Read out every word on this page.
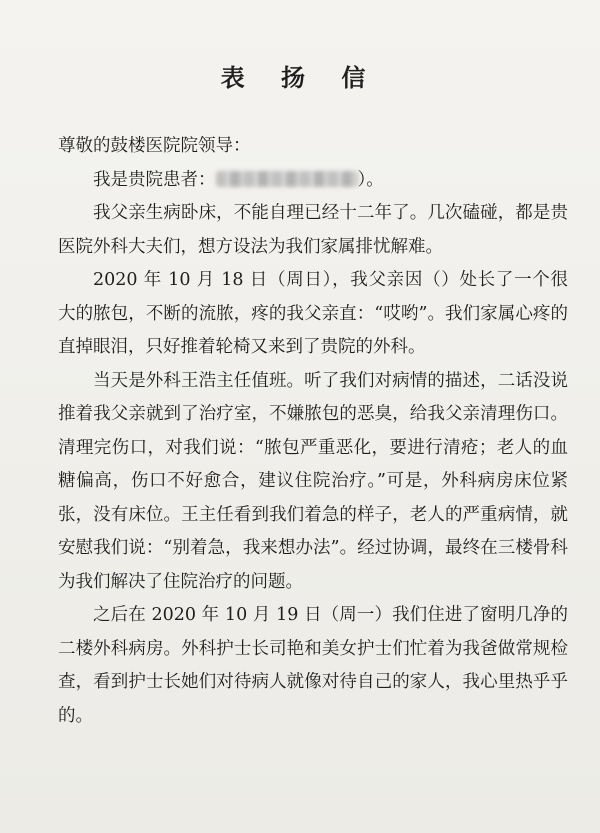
表 扬 信

尊敬的鼓楼医院院领导：

我是贵院患者：	）。

我父亲生病卧床，不能自理已经十二年了。几次磕碰，都是贵医院外科大夫们，想方设法为我们家属排忧解难。

2020 年 10 月 18 日（周日），我父亲因（）处长了一个很大的脓包，不断的流脓，疼的我父亲直：“哎哟”。我们家属心疼的直掉眼泪，只好推着轮椅又来到了贵院的外科。

当天是外科王浩主任值班。听了我们对病情的描述，二话没说推着我父亲就到了治疗室，不嫌脓包的恶臭，给我父亲清理伤口。清理完伤口，对我们说：“脓包严重恶化，要进行清疮；老人的血糖偏高，伤口不好愈合，建议住院治疗。”可是，外科病房床位紧张，没有床位。王主任看到我们着急的样子，老人的严重病情，就安慰我们说：“别着急，我来想办法”。经过协调，最终在三楼骨科为我们解决了住院治疗的问题。

之后在 2020 年 10 月 19 日（周一）我们住进了窗明几净的二楼外科病房。外科护士长司艳和美女护士们忙着为我爸做常规检查，看到护士长她们对待病人就像对待自己的家人，我心里热乎乎的。
